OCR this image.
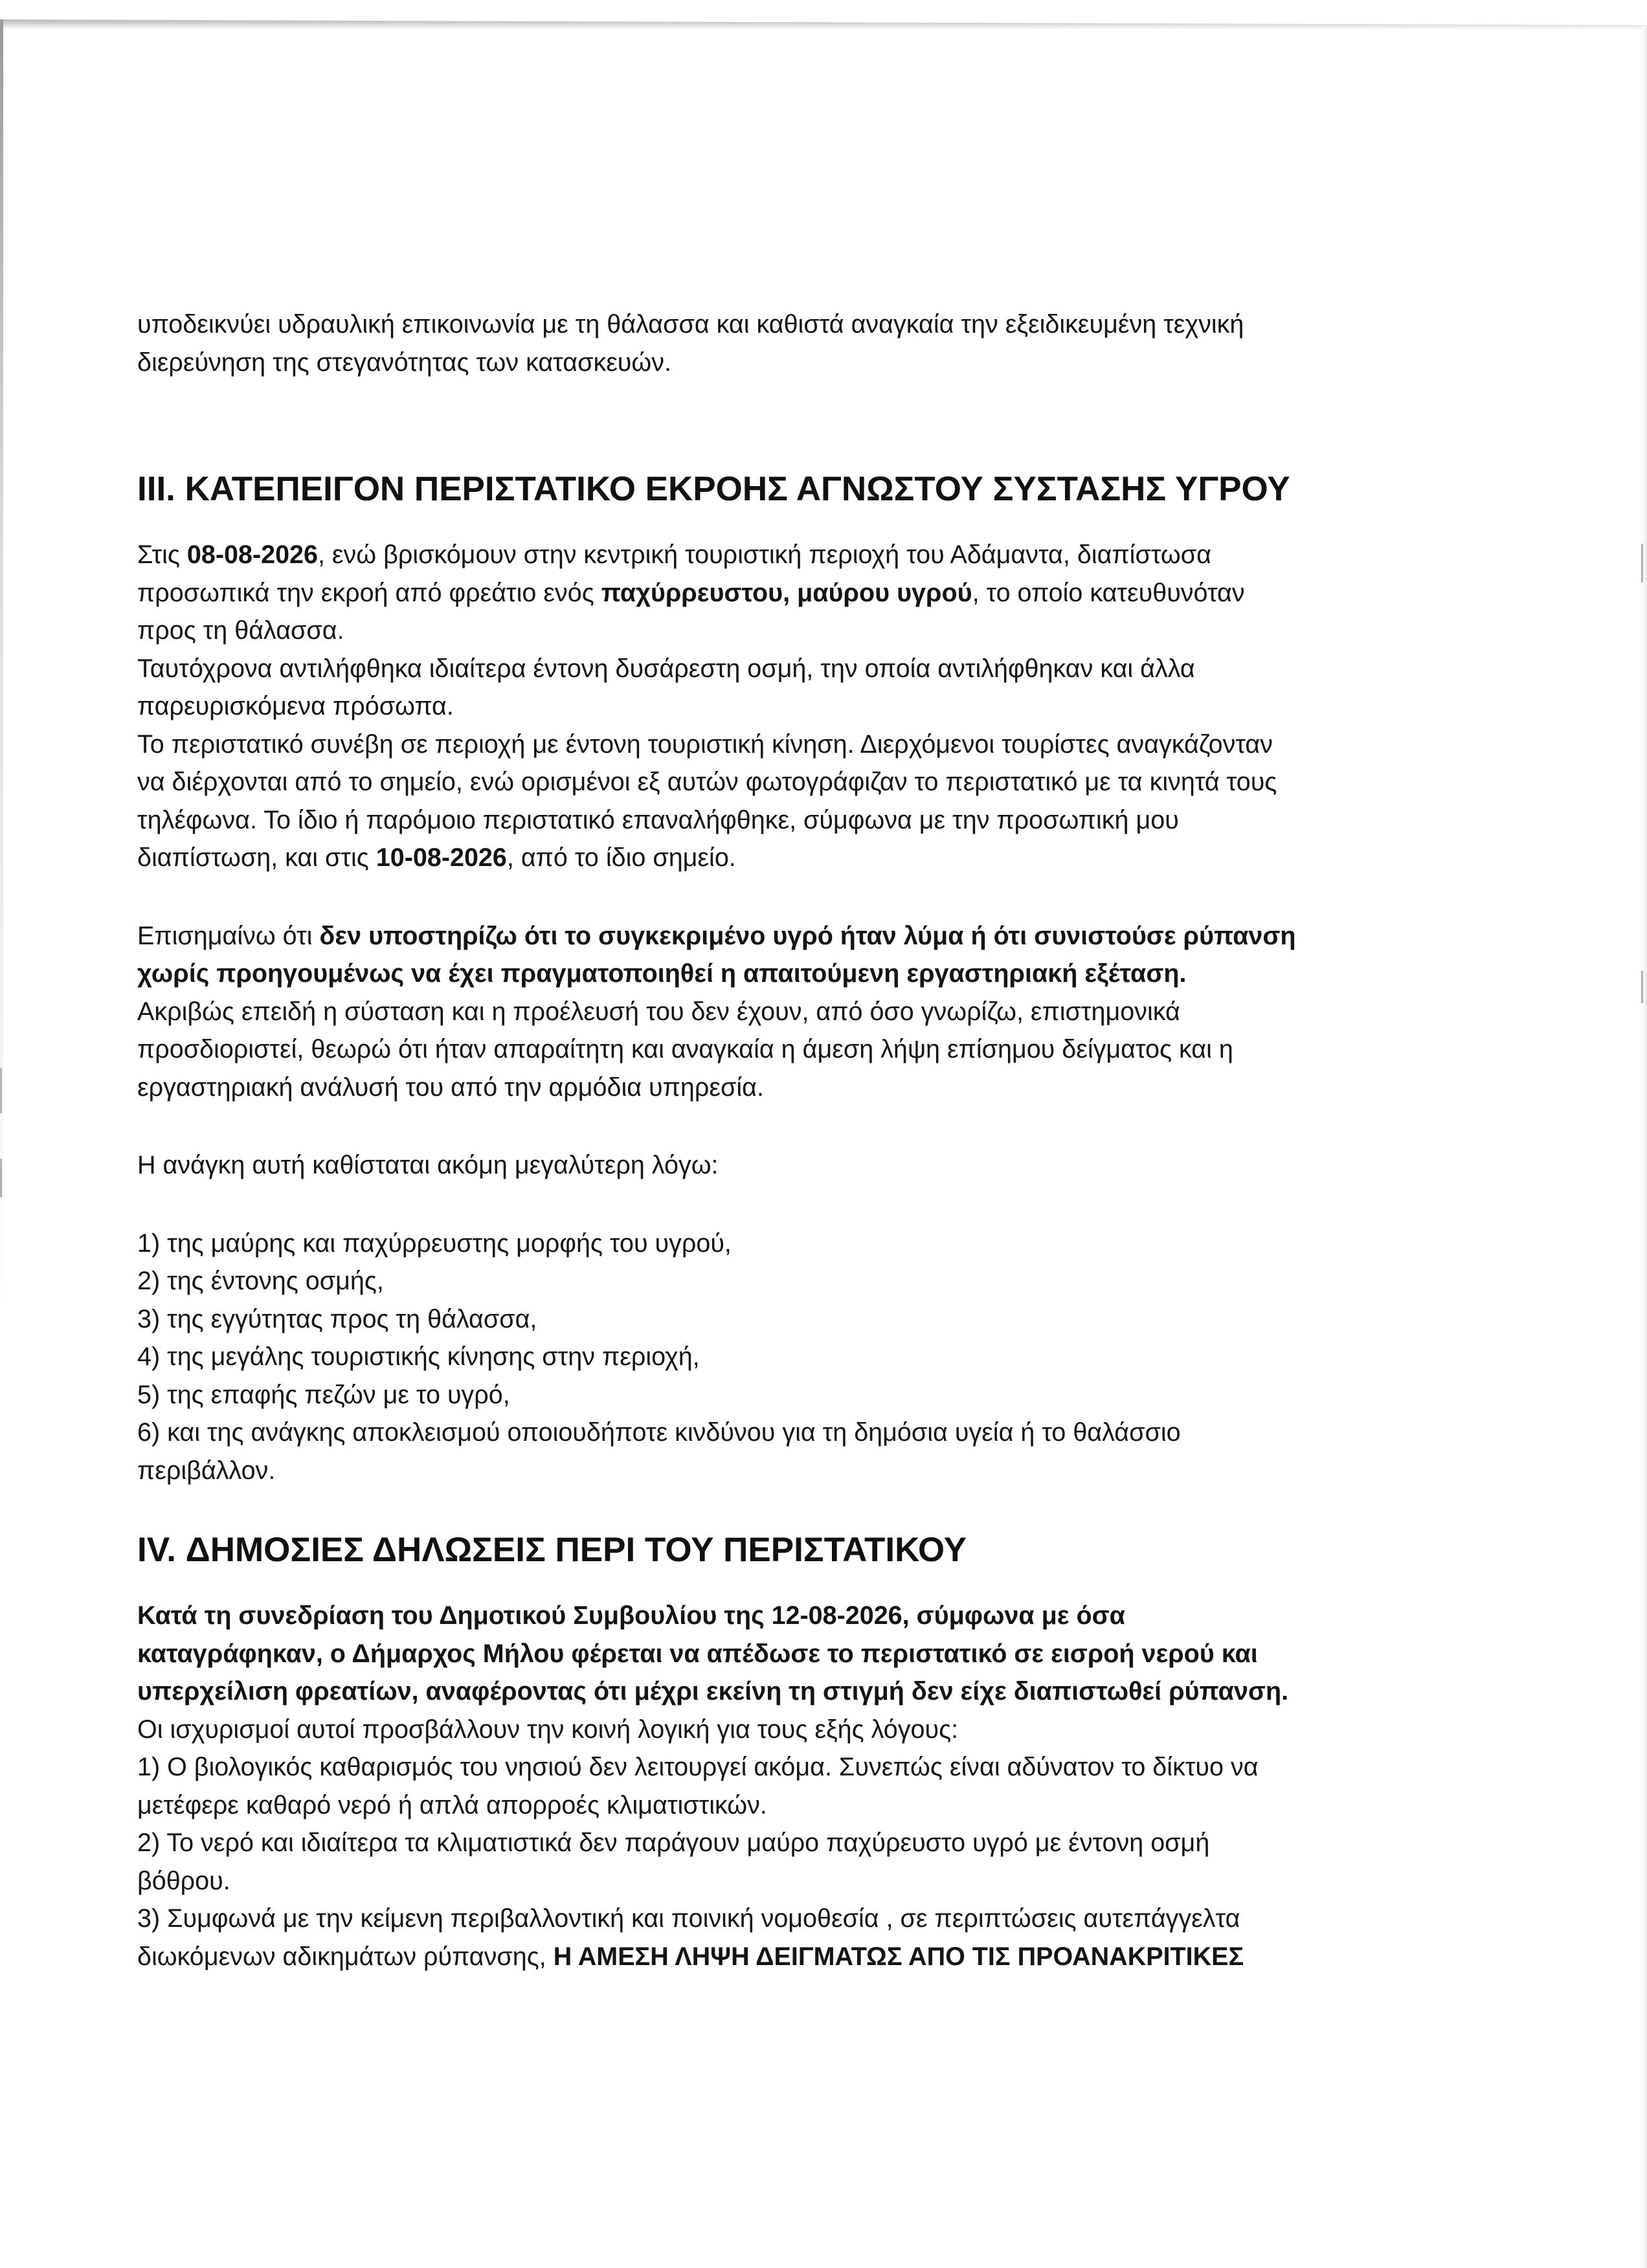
υποδεικνύει υδραυλική επικοινωνία με τη θάλασσα και καθιστά αναγκαία την εξειδικευμένη τεχνική

διερεύνηση της στεγανότητας των κατασκευών.

III. ΚΑΤΕΠΕΙΓΟΝ ΠΕΡΙΣΤΑΤΙΚΟ ΕΚΡΟΗΣ ΑΓΝΩΣΤΟΥ ΣΥΣΤΑΣΗΣ ΥΓΡΟΥ

Στις 08-08-2026, ενώ βρισκόμουν στην κεντρική τουριστική περιοχή του Αδάμαντα, διαπίστωσα

προσωπικά την εκροή από φρεάτιο ενός παχύρρευστου, μαύρου υγρού, το οποίο κατευθυνόταν

προς τη θάλασσα.

Ταυτόχρονα αντιλήφθηκα ιδιαίτερα έντονη δυσάρεστη οσμή, την οποία αντιλήφθηκαν και άλλα

παρευρισκόμενα πρόσωπα.

Το περιστατικό συνέβη σε περιοχή με έντονη τουριστική κίνηση. Διερχόμενοι τουρίστες αναγκάζονταν

να διέρχονται από το σημείο, ενώ ορισμένοι εξ αυτών φωτογράφιζαν το περιστατικό με τα κινητά τους

τηλέφωνα. Το ίδιο ή παρόμοιο περιστατικό επαναλήφθηκε, σύμφωνα με την προσωπική μου

διαπίστωση, και στις 10-08-2026, από το ίδιο σημείο.

Επισημαίνω ότι δεν υποστηρίζω ότι το συγκεκριμένο υγρό ήταν λύμα ή ότι συνιστούσε ρύπανση

χωρίς προηγουμένως να έχει πραγματοποιηθεί η απαιτούμενη εργαστηριακή εξέταση.

Ακριβώς επειδή η σύσταση και η προέλευσή του δεν έχουν, από όσο γνωρίζω, επιστημονικά

προσδιοριστεί, θεωρώ ότι ήταν απαραίτητη και αναγκαία η άμεση λήψη επίσημου δείγματος και η

εργαστηριακή ανάλυσή του από την αρμόδια υπηρεσία.

Η ανάγκη αυτή καθίσταται ακόμη μεγαλύτερη λόγω:

1) της μαύρης και παχύρρευστης μορφής του υγρού,

2) της έντονης οσμής,

3) της εγγύτητας προς τη θάλασσα,

4) της μεγάλης τουριστικής κίνησης στην περιοχή,

5) της επαφής πεζών με το υγρό,

6) και της ανάγκης αποκλεισμού οποιουδήποτε κινδύνου για τη δημόσια υγεία ή το θαλάσσιο

περιβάλλον.

IV. ΔΗΜΟΣΙΕΣ ΔΗΛΩΣΕΙΣ ΠΕΡΙ ΤΟΥ ΠΕΡΙΣΤΑΤΙΚΟΥ

Κατά τη συνεδρίαση του Δημοτικού Συμβουλίου της 12-08-2026, σύμφωνα με όσα

καταγράφηκαν, ο Δήμαρχος Μήλου φέρεται να απέδωσε το περιστατικό σε εισροή νερού και

υπερχείλιση φρεατίων, αναφέροντας ότι μέχρι εκείνη τη στιγμή δεν είχε διαπιστωθεί ρύπανση.

Οι ισχυρισμοί αυτοί προσβάλλουν την κοινή λογική για τους εξής λόγους:

1) Ο βιολογικός καθαρισμός του νησιού δεν λειτουργεί ακόμα. Συνεπώς είναι αδύνατον το δίκτυο να

μετέφερε καθαρό νερό ή απλά απορροές κλιματιστικών.

2) Το νερό και ιδιαίτερα τα κλιματιστικά δεν παράγουν μαύρο παχύρευστο υγρό με έντονη οσμή

βόθρου.

3) Συμφωνά με την κείμενη περιβαλλοντική και ποινική νομοθεσία , σε περιπτώσεις αυτεπάγγελτα

διωκόμενων αδικημάτων ρύπανσης, Η ΑΜΕΣΗ ΛΗΨΗ ΔΕΙΓΜΑΤΩΣ ΑΠΟ ΤΙΣ ΠΡΟΑΝΑΚΡΙΤΙΚΕΣ
